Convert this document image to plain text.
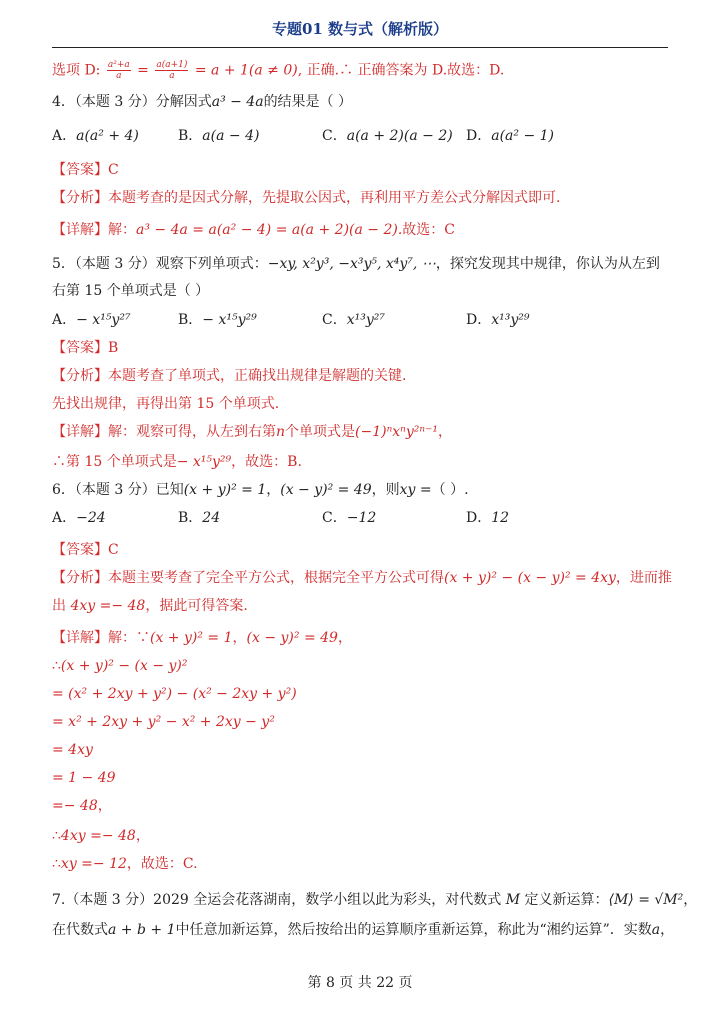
专题01 数与式（解析版）
选项 D: $\frac{\text{a²+a}}{a} = \frac{a(a+1)}{a} = a + 1(a \ne 0)$, 正确.∴ 正确答案为 D.故选：D.
4．（本题 3 分）分解因式a³ − 4a的结果是（ ）
A．a(a² + 4)	B．a(a − 4)	C．a(a + 2)(a − 2) D．a(a² − 1)
【答案】C
【分析】本题考查的是因式分解，先提取公因式，再利用平方差公式分解因式即可.
【详解】解：a³ − 4a = a(a² − 4) = a(a + 2)(a − 2).故选：C
5．（本题 3 分）观察下列单项式：−xy, x²y³, −x³y⁵, x⁴y⁷, ⋯，探究发现其中规律，你认为从左到
右第 15 个单项式是（ ）
A．− x¹⁵y²⁷	B．− x¹⁵y²⁹	C．x¹³y²⁷	D．x¹³y²⁹
【答案】B
【分析】本题考查了单项式，正确找出规律是解题的关键.
先找出规律，再得出第 15 个单项式.
【详解】解：观察可得，从左到右第n个单项式是(−1)ⁿxⁿy²ⁿ⁻¹，
∴第 15 个单项式是− x¹⁵y²⁹，故选：B.
6．（本题 3 分）已知(x + y)² = 1，(x − y)² = 49，则xy =（ ）.
A．−24	B．24	C．−12	D．12
【答案】C
【分析】本题主要考查了完全平方公式，根据完全平方公式可得(x + y)² − (x − y)² = 4xy，进而推
出 4xy =− 48，据此可得答案.
【详解】解：∵(x + y)² = 1，(x − y)² = 49，
∴(x + y)² − (x − y)²
= (x² + 2xy + y²) − (x² − 2xy + y²)
= x² + 2xy + y² − x² + 2xy − y²
= 4xy
= 1 − 49
=− 48，
∴4xy =− 48，
∴xy =− 12，故选：C.
7.（本题 3 分）2029 全运会花落湖南，数学小组以此为彩头，对代数式 M 定义新运算：⟨M⟩ = √M²，
在代数式a + b + 1中任意加新运算，然后按给出的运算顺序重新运算，称此为“湘约运算”．实数a，
第 8 页 共 22 页
